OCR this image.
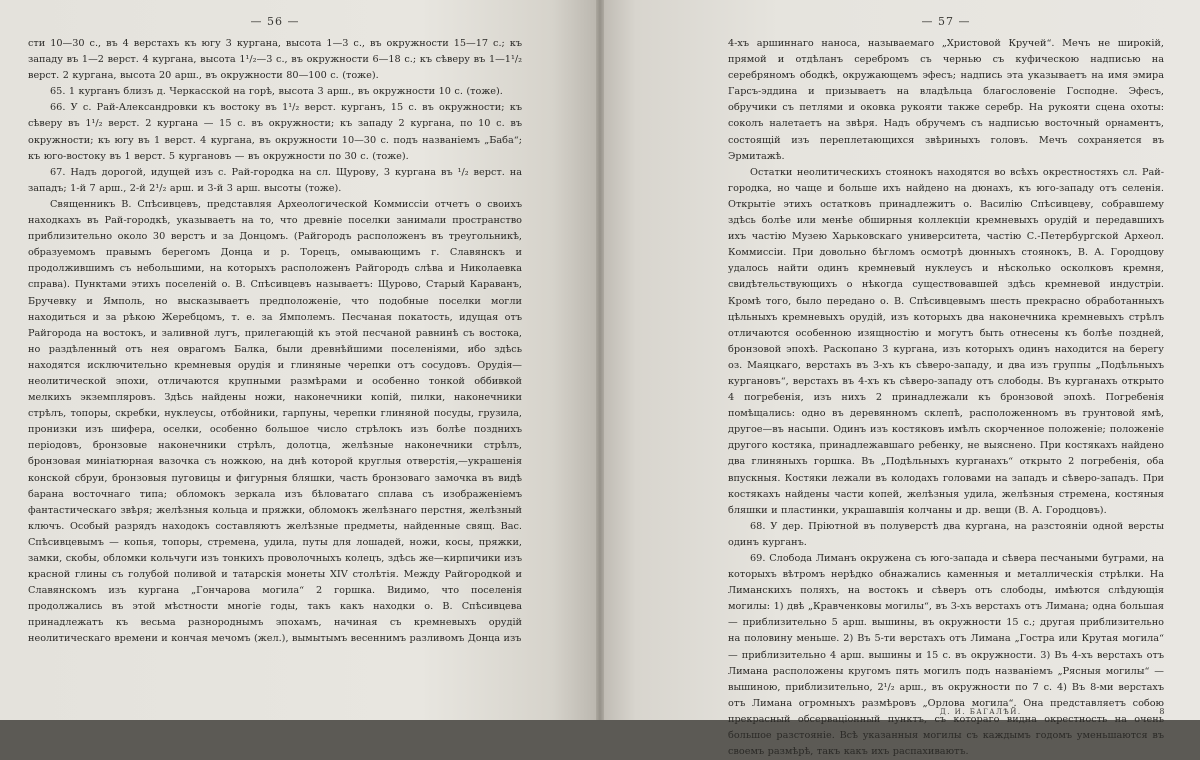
— 56 —

сти 10—30 с., въ 4 верстахъ къ югу 3 кургана, высота 1—3 с., въ окружности 15—17 с.; къ западу въ 1—2 верст. 4 кургана, высота 1¹/₂—3 с., въ окружности 6—18 с.; къ сѣверу въ 1—1¹/₂ верст. 2 кургана, высота 20 арш., въ окружности 80—100 с. (тоже).

65. 1 курганъ близъ д. Черкасской на горѣ, высота 3 арш., въ окружности 10 с. (тоже).

66. У с. Рай-Александровки къ востоку въ 1¹/₂ верст. курганъ, 15 с. въ окружности; къ сѣверу въ 1¹/₂ верст. 2 кургана — 15 с. въ окружности; къ западу 2 кургана, по 10 с. въ окружности; къ югу въ 1 верст. 4 кургана, въ окружности 10—30 с. подъ названіемъ „Баба“; къ юго-востоку въ 1 верст. 5 кургановъ — въ окружности по 30 с. (тоже).

67. Надъ дорогой, идущей изъ с. Рай-городка на сл. Щурову, 3 кургана въ ¹/₂ верст. на западъ; 1-й 7 арш., 2-й 2¹/₂ арш. и 3-й 3 арш. высоты (тоже).

Священникъ В. Спѣсивцевъ, представляя Археологической Коммиссіи отчетъ о своихъ находкахъ въ Рай-городкѣ, указываетъ на то, что древніе поселки занимали пространство приблизительно около 30 верстъ и за Донцомъ. (Райгородъ расположенъ въ треугольникѣ, образуемомъ правымъ берегомъ Донца и р. Торецъ, омывающимъ г. Славянскъ и продолжившимъ съ небольшими, на которыхъ расположенъ Райгородъ слѣва и Николаевка справа). Пунктами этихъ поселеній о. В. Спѣсивцевъ называетъ: Щурово, Старый Караванъ, Бручевку и Ямполь, но высказываетъ предположеніе, что подобные поселки могли находиться и за рѣкою Жеребцомъ, т. е. за Ямполемъ. Песчаная покатость, идущая отъ Райгорода на востокъ, и заливной лугъ, прилегающій къ этой песчаной равнинѣ съ востока, но раздѣленный отъ нея оврагомъ Балка, были древнѣйшими поселеніями, ибо здѣсь находятся исключительно кремневыя орудія и глиняные черепки отъ сосудовъ. Орудія—неолитической эпохи, отличаются крупными размѣрами и особенно тонкой оббивкой мелкихъ экземпляровъ. Здѣсь найдены ножи, наконечники копій, пилки, наконечники стрѣлъ, топоры, скребки, нуклеусы, отбойники, гарпуны, черепки глиняной посуды, грузила, пронизки изъ шифера, оселки, особенно большое число стрѣлокъ изъ болѣе позднихъ періодовъ, бронзовые наконечники стрѣлъ, долотца, желѣзные наконечники стрѣлъ, бронзовая миніатюрная вазочка съ ножкою, на днѣ которой круглыя отверстія,—украшенія конской сбруи, бронзовыя пуговицы и фигурныя бляшки, часть бронзоваго замочка въ видѣ барана восточнаго типа; обломокъ зеркала изъ бѣловатаго сплава съ изображеніемъ фантастическаго звѣря; желѣзныя кольца и пряжки, обломокъ желѣзнаго перстня, желѣзный ключъ. Особый разрядъ находокъ составляютъ желѣзные предметы, найденные свящ. Вас. Спѣсивцевымъ — копья, топоры, стремена, удила, путы для лошадей, ножи, косы, пряжки, замки, скобы, обломки кольчуги изъ тонкихъ проволочныхъ колецъ, здѣсь же—кирпичики изъ красной глины съ голубой поливой и татарскія монеты XIV столѣтія. Между Райгородкой и Славянскомъ изъ кургана „Гончарова могила“ 2 горшка. Видимо, что поселенія продолжались въ этой мѣстности многіе годы, такъ какъ находки о. В. Спѣсивцева принадлежатъ къ весьма разнороднымъ эпохамъ, начиная съ кремневыхъ орудій неолитическаго времени и кончая мечомъ (жел.), вымытымъ весеннимъ разливомъ Донца изъ

— 57 —

4-хъ аршиннаго наноса, называемаго „Христовой Кручей“. Мечъ не широкій, прямой и отдѣланъ серебромъ съ чернью съ куфическою надписью на серебряномъ ободкѣ, окружающемъ эфесъ; надпись эта указываетъ на имя эмира Гарсъ-эддина и призываетъ на владѣльца благословеніе Господне. Эфесъ, обручики съ петлями и оковка рукояти также серебр. На рукояти сцена охоты: соколъ налетаетъ на звѣря. Надъ обручемъ съ надписью восточный орнаментъ, состоящій изъ переплетающихся звѣриныхъ головъ. Мечъ сохраняется въ Эрмитажѣ.

Остатки неолитическихъ стоянокъ находятся во всѣхъ окрестностяхъ сл. Рай-городка, но чаще и больше ихъ найдено на дюнахъ, къ юго-западу отъ селенія. Открытіе этихъ остатковъ принадлежитъ о. Василію Спѣсивцеву, собравшему здѣсь болѣе или менѣе обширныя коллекціи кремневыхъ орудій и передавшихъ ихъ частію Музею Харьковскаго университета, частію С.-Петербургской Археол. Коммиссіи. При довольно бѣгломъ осмотрѣ дюнныхъ стоянокъ, В. А. Городцову удалось найти одинъ кремневый нуклеусъ и нѣсколько осколковъ кремня, свидѣтельствующихъ о нѣкогда существовавшей здѣсь кремневой индустріи. Кромѣ того, было передано о. В. Спѣсивцевымъ шесть прекрасно обработанныхъ цѣльныхъ кремневыхъ орудій, изъ которыхъ два наконечника кремневыхъ стрѣлъ отличаются особенною изящностію и могутъ быть отнесены къ болѣе поздней, бронзовой эпохѣ. Раскопано 3 кургана, изъ которыхъ одинъ находится на берегу оз. Маяцкаго, верстахъ въ 3-хъ къ сѣверо-западу, и два изъ группы „Подѣльныхъ кургановъ“, верстахъ въ 4-хъ къ сѣверо-западу отъ слободы. Въ курганахъ открыто 4 погребенія, изъ нихъ 2 принадлежали къ бронзовой эпохѣ. Погребенія помѣщались: одно въ деревянномъ склепѣ, расположенномъ въ грунтовой ямѣ, другое—въ насыпи. Одинъ изъ костяковъ имѣлъ скорченное положеніе; положеніе другого костяка, принадлежавшаго ребенку, не выяснено. При костякахъ найдено два глиняныхъ горшка. Въ „Подѣльныхъ курганахъ“ открыто 2 погребенія, оба впускныя. Костяки лежали въ колодахъ головами на западъ и сѣверо-западъ. При костякахъ найдены части копей, желѣзныя удила, желѣзныя стремена, костяныя бляшки и пластинки, украшавшія колчаны и др. вещи (В. А. Городцовъ).

68. У дер. Пріютной въ полуверстѣ два кургана, на разстояніи одной версты одинъ курганъ.

69. Слобода Лиманъ окружена съ юго-запада и сѣвера песчаными буграми, на которыхъ вѣтромъ нерѣдко обнажались каменныя и металлическія стрѣлки. На Лиманскихъ поляхъ, на востокъ и сѣверъ отъ слободы, имѣются слѣдующія могилы: 1) двѣ „Кравченковы могилы“, въ 3-хъ верстахъ отъ Лимана; одна большая — приблизительно 5 арш. вышины, въ окружности 15 с.; другая приблизительно на половину меньше. 2) Въ 5-ти верстахъ отъ Лимана „Гостра или Крутая могила“ — приблизительно 4 арш. вышины и 15 с. въ окружности. 3) Въ 4-хъ верстахъ отъ Лимана расположены кругомъ пять могилъ подъ названіемъ „Рясныя могилы“ — вышиною, приблизительно, 2¹/₂ арш., въ окружности по 7 с. 4) Въ 8-ми верстахъ отъ Лимана огромныхъ размѣровъ „Орлова могила“. Она представляетъ собою прекрасный обсерваціонный пунктъ, съ котораго видна окрестность на очень большое разстояніе. Всѣ указанныя могилы съ каждымъ годомъ уменьшаются въ своемъ размѣрѣ, такъ какъ ихъ распахиваютъ.

Д. И. БАГАЛѢЙ.	8
